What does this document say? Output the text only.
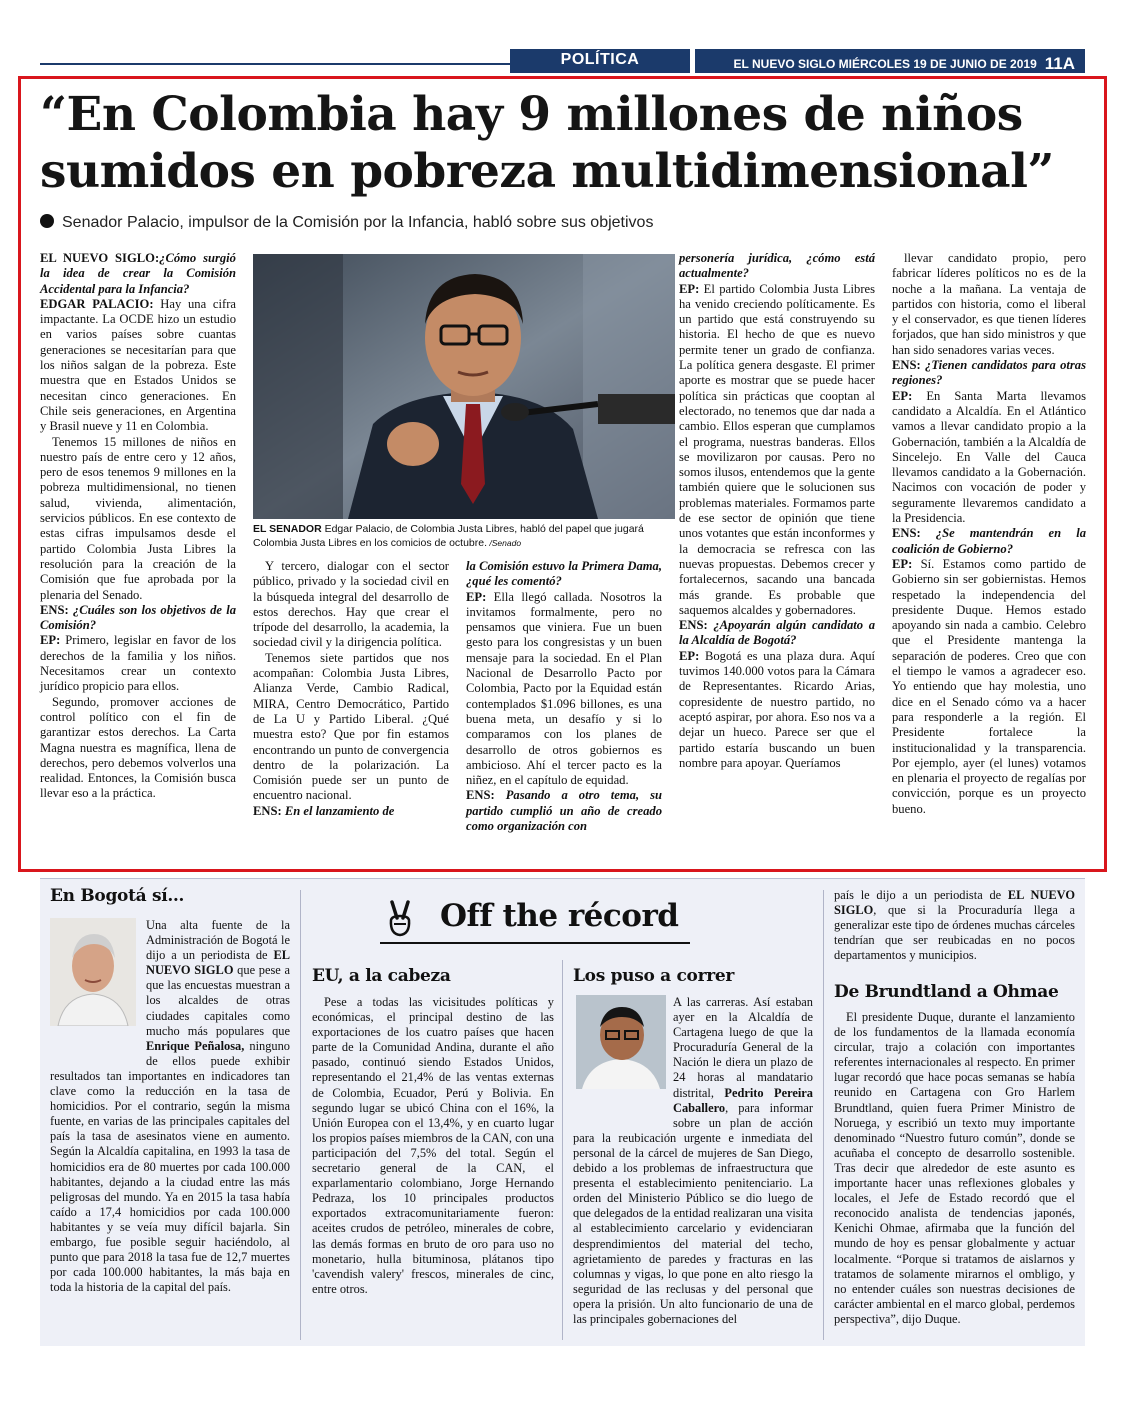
POLÍTICA	EL NUEVO SIGLO MIÉRCOLES 19 DE JUNIO DE 2019 11A
“En Colombia hay 9 millones de niños
sumidos en pobreza multidimensional”
Senador Palacio, impulsor de la Comisión por la Infancia, habló sobre sus objetivos

EL NUEVO SIGLO:¿Cómo surgió la idea de crear la Comisión Accidental para la Infancia?

EDGAR PALACIO: Hay una cifra impactante. La OCDE hizo un estudio en varios países sobre cuantas generaciones se necesitarían para que los niños salgan de la pobreza. Este muestra que en Estados Unidos se necesitan cinco generaciones. En Chile seis generaciones, en Argentina y Brasil nueve y 11 en Colombia.

Tenemos 15 millones de niños en nuestro país de entre cero y 12 años, pero de esos tenemos 9 millones en la pobreza multidimensional, no tienen salud, vivienda, alimentación, servicios públicos. En ese contexto de estas cifras impulsamos desde el partido Colombia Justa Libres la resolución para la creación de la Comisión que fue aprobada por la plenaria del Senado.

ENS: ¿Cuáles son los objetivos de la Comisión?

EP: Primero, legislar en favor de los derechos de la familia y los niños. Necesitamos crear un contexto jurídico propicio para ellos.

Segundo, promover acciones de control político con el fin de garantizar estos derechos. La Carta Magna nuestra es magnífica, llena de derechos, pero debemos volverlos una realidad. Entonces, la Comisión busca llevar eso a la práctica.

Y tercero, dialogar con el sector público, privado y la sociedad civil en la búsqueda integral del desarrollo de estos derechos. Hay que crear el trípode del desarrollo, la academia, la sociedad civil y la dirigencia política.

Tenemos siete partidos que nos acompañan: Colombia Justa Libres, Alianza Verde, Cambio Radical, MIRA, Centro Democrático, Partido de La U y Partido Liberal. ¿Qué muestra esto? Que por fin estamos encontrando un punto de convergencia dentro de la polarización. La Comisión puede ser un punto de encuentro nacional.

ENS: En el lanzamiento de

la Comisión estuvo la Primera Dama, ¿qué les comentó?

EP: Ella llegó callada. Nosotros la invitamos formalmente, pero no pensamos que viniera. Fue un buen gesto para los congresistas y un buen mensaje para la sociedad. En el Plan Nacional de Desarrollo Pacto por Colombia, Pacto por la Equidad están contemplados $1.096 billones, es una buena meta, un desafío y si lo comparamos con los planes de desarrollo de otros gobiernos es ambicioso. Ahí el tercer pacto es la niñez, en el capítulo de equidad.

ENS: Pasando a otro tema, su partido cumplió un año de creado como organización con

personería jurídica, ¿cómo está actualmente?

EP: El partido Colombia Justa Libres ha venido creciendo políticamente. Es un partido que está construyendo su historia. El hecho de que es nuevo permite tener un grado de confianza. La política genera desgaste. El primer aporte es mostrar que se puede hacer política sin prácticas que cooptan al electorado, no tenemos que dar nada a cambio. Ellos esperan que cumplamos el programa, nuestras banderas. Ellos se movilizaron por causas. Pero no somos ilusos, entendemos que la gente también quiere que le solucionen sus problemas materiales. Formamos parte de ese sector de opinión que tiene unos votantes que están inconformes y la democracia se refresca con las nuevas propuestas. Debemos crecer y fortalecernos, sacando una bancada más grande. Es probable que saquemos alcaldes y gobernadores.

ENS: ¿Apoyarán algún candidato a la Alcaldía de Bogotá?

EP: Bogotá es una plaza dura. Aquí tuvimos 140.000 votos para la Cámara de Representantes. Ricardo Arias, copresidente de nuestro partido, no aceptó aspirar, por ahora. Eso nos va a dejar un hueco. Parece ser que el partido estaría buscando un buen nombre para apoyar. Queríamos

llevar candidato propio, pero fabricar líderes políticos no es de la noche a la mañana. La ventaja de partidos con historia, como el liberal y el conservador, es que tienen líderes forjados, que han sido ministros y que han sido senadores varias veces.

ENS: ¿Tienen candidatos para otras regiones?

EP: En Santa Marta llevamos candidato a Alcaldía. En el Atlántico vamos a llevar candidato propio a la Gobernación, también a la Alcaldía de Sincelejo. En Valle del Cauca llevamos candidato a la Gobernación. Nacimos con vocación de poder y seguramente llevaremos candidato a la Presidencia.

ENS: ¿Se mantendrán en la coalición de Gobierno?

EP: Sí. Estamos como partido de Gobierno sin ser gobiernistas. Hemos respetado la independencia del presidente Duque. Hemos estado apoyando sin nada a cambio. Celebro que el Presidente mantenga la separación de poderes. Creo que con el tiempo le vamos a agradecer eso. Yo entiendo que hay molestia, uno dice en el Senado cómo va a hacer para responderle a la región. El Presidente fortalece la institucionalidad y la transparencia. Por ejemplo, ayer (el lunes) votamos en plenaria el proyecto de regalías por convicción, porque es un proyecto bueno.

EL SENADOR Edgar Palacio, de Colombia Justa Libres, habló del papel que jugará Colombia Justa Libres en los comicios de octubre. /Senado
En Bogotá sí…

Una alta fuente de la Administración de Bogotá le dijo a un periodista de EL NUEVO SIGLO que pese a que las encuestas muestran a los alcaldes de otras ciudades capitales como mucho más populares que Enrique Peñalosa, ninguno de ellos puede exhibir resultados tan importantes en indicadores tan clave como la reducción en la tasa de homicidios. Por el contrario, según la misma fuente, en varias de las principales capitales del país la tasa de asesinatos viene en aumento. Según la Alcaldía capitalina, en 1993 la tasa de homicidios era de 80 muertes por cada 100.000 habitantes, dejando a la ciudad entre las más peligrosas del mundo. Ya en 2015 la tasa había caído a 17,4 homicidios por cada 100.000 habitantes y se veía muy difícil bajarla. Sin embargo, fue posible seguir haciéndolo, al punto que para 2018 la tasa fue de 12,7 muertes por cada 100.000 habitantes, la más baja en toda la historia de la capital del país.

Off the récord
EU, a la cabeza

Pese a todas las vicisitudes políticas y económicas, el principal destino de las exportaciones de los cuatro países que hacen parte de la Comunidad Andina, durante el año pasado, continuó siendo Estados Unidos, representando el 21,4% de las ventas externas de Colombia, Ecuador, Perú y Bolivia. En segundo lugar se ubicó China con el 16%, la Unión Europea con el 13,4%, y en cuarto lugar los propios países miembros de la CAN, con una participación del 7,5% del total. Según el secretario general de la CAN, el exparlamentario colombiano, Jorge Hernando Pedraza, los 10 principales productos exportados extracomunitariamente fueron: aceites crudos de petróleo, minerales de cobre, las demás formas en bruto de oro para uso no monetario, hulla bituminosa, plátanos tipo 'cavendish valery' frescos, minerales de cinc, entre otros.

Los puso a correr

A las carreras. Así estaban ayer en la Alcaldía de Cartagena luego de que la Procuraduría General de la Nación le diera un plazo de 24 horas al mandatario distrital, Pedrito Pereira Caballero, para informar sobre un plan de acción para la reubicación urgente e inmediata del personal de la cárcel de mujeres de San Diego, debido a los problemas de infraestructura que presenta el establecimiento penitenciario. La orden del Ministerio Público se dio luego de que delegados de la entidad realizaran una visita al establecimiento carcelario y evidenciaran desprendimientos del material del techo, agrietamiento de paredes y fracturas en las columnas y vigas, lo que pone en alto riesgo la seguridad de las reclusas y del personal que opera la prisión. Un alto funcionario de una de las principales gobernaciones del

país le dijo a un periodista de EL NUEVO SIGLO, que si la Procuraduría llega a generalizar este tipo de órdenes muchas cárceles tendrían que ser reubicadas en no pocos departamentos y municipios.

De Brundtland a Ohmae

El presidente Duque, durante el lanzamiento de los fundamentos de la llamada economía circular, trajo a colación con importantes referentes internacionales al respecto. En primer lugar recordó que hace pocas semanas se había reunido en Cartagena con Gro Harlem Brundtland, quien fuera Primer Ministro de Noruega, y escribió un texto muy importante denominado “Nuestro futuro común”, donde se acuñaba el concepto de desarrollo sostenible. Tras decir que alrededor de este asunto es importante hacer unas reflexiones globales y locales, el Jefe de Estado recordó que el reconocido analista de tendencias japonés, Kenichi Ohmae, afirmaba que la función del mundo de hoy es pensar globalmente y actuar localmente. “Porque si tratamos de aislarnos y tratamos de solamente mirarnos el ombligo, y no entender cuáles son nuestras decisiones de carácter ambiental en el marco global, perdemos perspectiva”, dijo Duque.
